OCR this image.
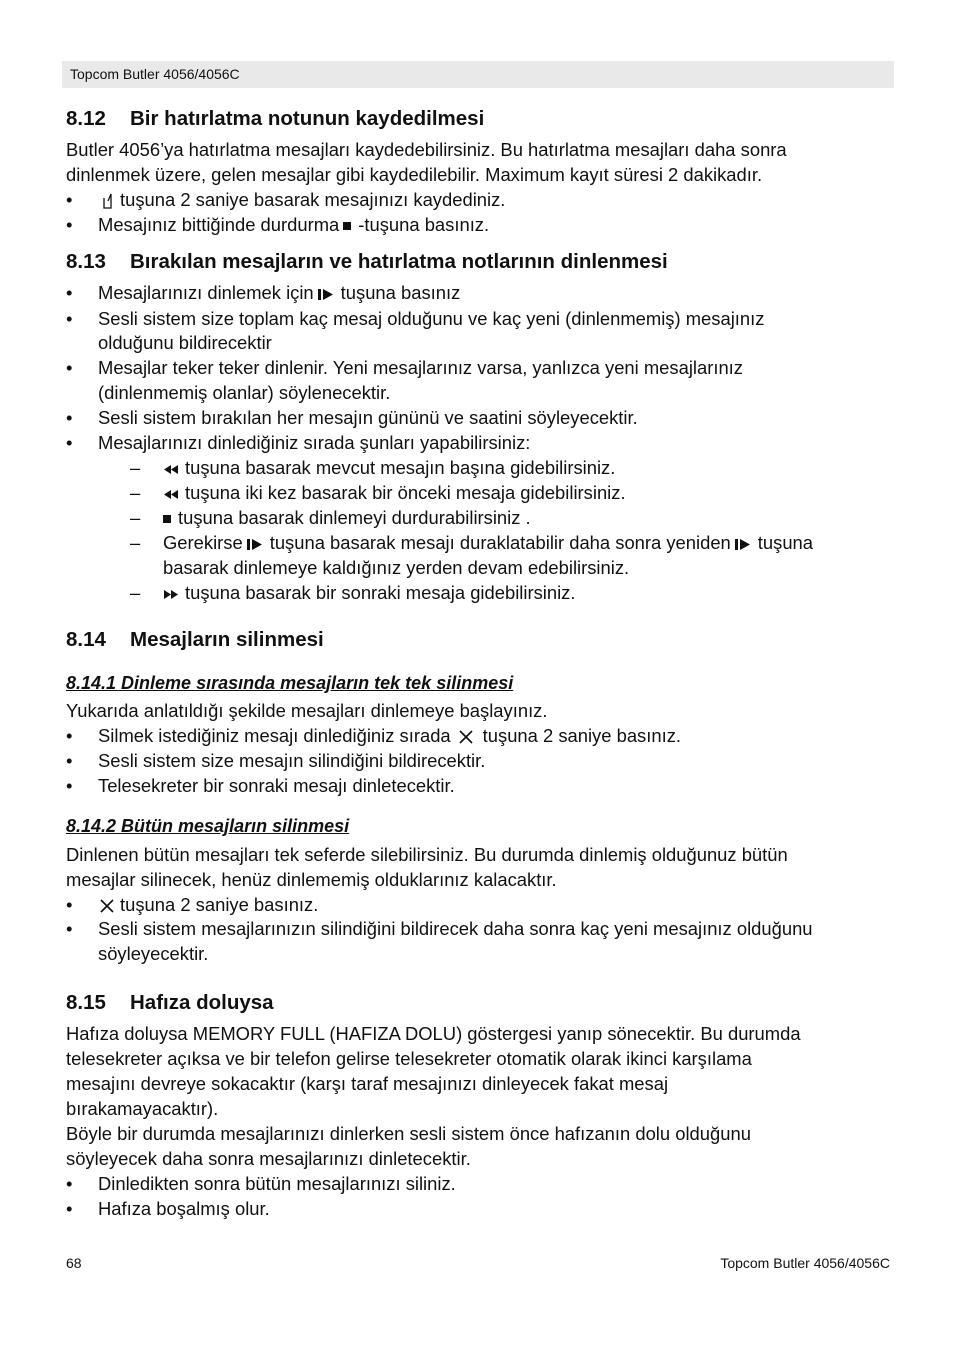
Topcom Butler 4056/4056C
8.12 Bir hatırlatma notunun kaydedilmesi
Butler 4056’ya hatırlatma mesajları kaydedebilirsiniz. Bu hatırlatma mesajları daha sonra
dinlenmek üzere, gelen mesajlar gibi kaydedilebilir. Maximum kayıt süresi 2 dakikadır.
•	tuşuna 2 saniye basarak mesajınızı kaydediniz.
• Mesajınız bittiğinde durdurma -tuşuna basınız.
8.13 Bırakılan mesajların ve hatırlatma notlarının dinlenmesi
• Mesajlarınızı dinlemek için tuşuna basınız
• Sesli sistem size toplam kaç mesaj olduğunu ve kaç yeni (dinlenmemiş) mesajınız
olduğunu bildirecektir
• Mesajlar teker teker dinlenir. Yeni mesajlarınız varsa, yanlızca yeni mesajlarınız
(dinlenmemiş olanlar) söylenecektir.
• Sesli sistem bırakılan her mesajın gününü ve saatini söyleyecektir.
• Mesajlarınızı dinlediğiniz sırada şunları yapabilirsiniz:
–	tuşuna basarak mevcut mesajın başına gidebilirsiniz.
–	tuşuna iki kez basarak bir önceki mesaja gidebilirsiniz.
–	tuşuna basarak dinlemeyi durdurabilirsiniz .
– Gerekirse tuşuna basarak mesajı duraklatabilir daha sonra yeniden tuşuna
basarak dinlemeye kaldığınız yerden devam edebilirsiniz.
–	tuşuna basarak bir sonraki mesaja gidebilirsiniz.
8.14 Mesajların silinmesi
8.14.1 Dinleme sırasında mesajların tek tek silinmesi
Yukarıda anlatıldığı şekilde mesajları dinlemeye başlayınız.
• Silmek istediğiniz mesajı dinlediğiniz sırada tuşuna 2 saniye basınız.
• Sesli sistem size mesajın silindiğini bildirecektir.
• Telesekreter bir sonraki mesajı dinletecektir.
8.14.2 Bütün mesajların silinmesi
Dinlenen bütün mesajları tek seferde silebilirsiniz. Bu durumda dinlemiş olduğunuz bütün
mesajlar silinecek, henüz dinlememiş olduklarınız kalacaktır.
•	tuşuna 2 saniye basınız.
• Sesli sistem mesajlarınızın silindiğini bildirecek daha sonra kaç yeni mesajınız olduğunu
söyleyecektir.
8.15 Hafıza doluysa
Hafıza doluysa MEMORY FULL (HAFIZA DOLU) göstergesi yanıp sönecektir. Bu durumda
telesekreter açıksa ve bir telefon gelirse telesekreter otomatik olarak ikinci karşılama
mesajını devreye sokacaktır (karşı taraf mesajınızı dinleyecek fakat mesaj
bırakamayacaktır).
Böyle bir durumda mesajlarınızı dinlerken sesli sistem önce hafızanın dolu olduğunu
söyleyecek daha sonra mesajlarınızı dinletecektir.
• Dinledikten sonra bütün mesajlarınızı siliniz.
• Hafıza boşalmış olur.
68	Topcom Butler 4056/4056C
